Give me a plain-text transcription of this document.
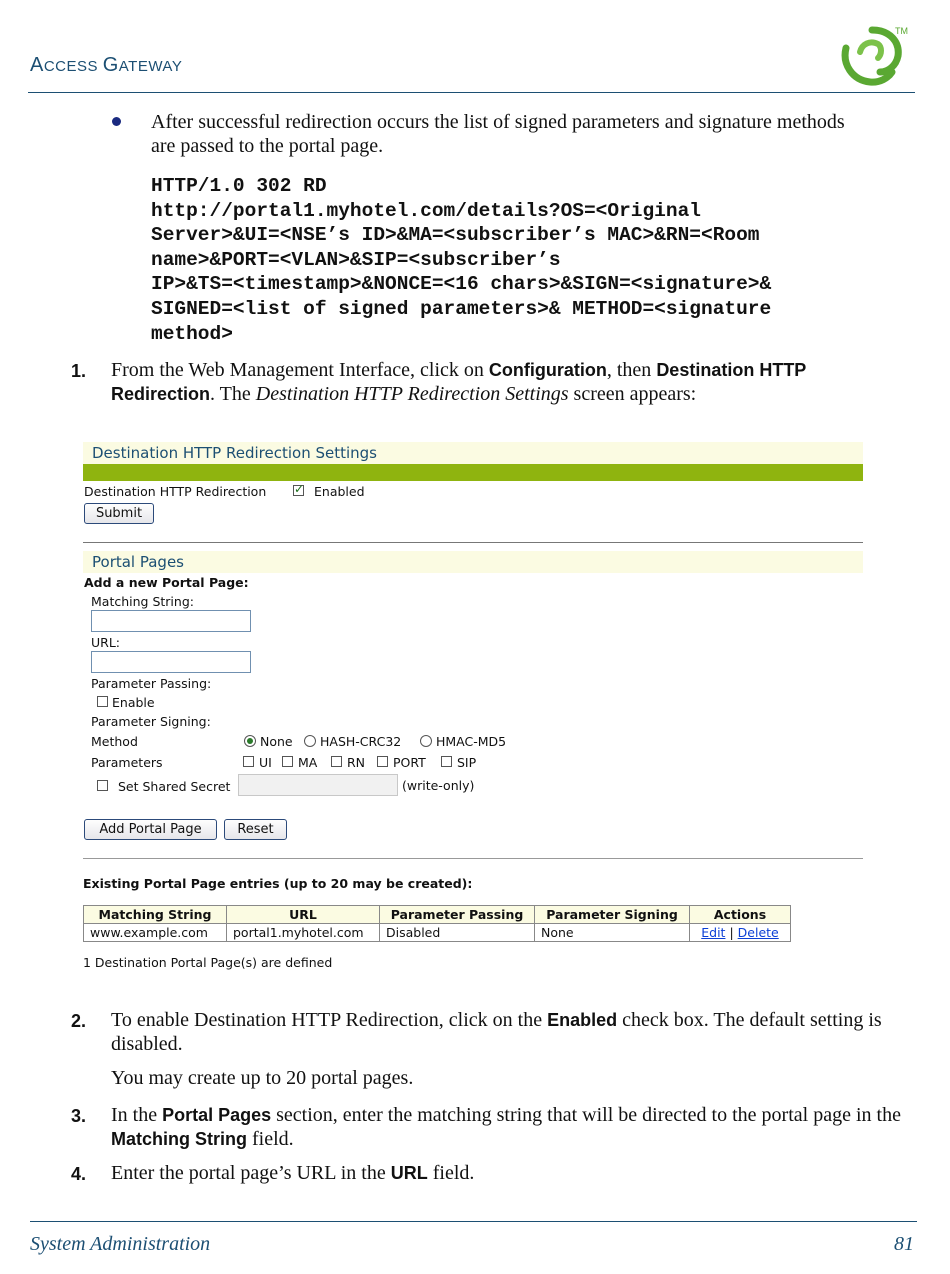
ACCESS GATEWAY
TM
After successful redirection occurs the list of signed parameters and signature methods are passed to the portal page.
HTTP/1.0 302 RD
http://portal1.myhotel.com/details?OS=<Original
Server>&UI=<NSE’s ID>&MA=<subscriber’s MAC>&RN=<Room
name>&PORT=<VLAN>&SIP=<subscriber’s
IP>&TS=<timestamp>&NONCE=<16 chars>&SIGN=<signature>&
SIGNED=<list of signed parameters>& METHOD=<signature
method>
1. From the Web Management Interface, click on Configuration, then Destination HTTP Redirection. The Destination HTTP Redirection Settings screen appears:
Destination HTTP Redirection Settings
Destination HTTP Redirection ✓	Enabled
Submit
Portal Pages
Add a new Portal Page:
Matching String:
URL:
Parameter Passing:
Enable
Parameter Signing:
Method	None HASH-CRC32	HMAC-MD5
Parameters	UI MA RN PORT SIP
Set Shared Secret	(write-only)
Add Portal Page	Reset
Existing Portal Page entries (up to 20 may be created):
Matching String	URL	Parameter Passing	Parameter Signing	Actions
www.example.com	portal1.myhotel.com	Disabled	None	Edit | Delete
1 Destination Portal Page(s) are defined
2. To enable Destination HTTP Redirection, click on the Enabled check box. The default setting is disabled.
You may create up to 20 portal pages.
3. In the Portal Pages section, enter the matching string that will be directed to the portal page in the Matching String field.
4. Enter the portal page’s URL in the URL field.
System Administration	81
